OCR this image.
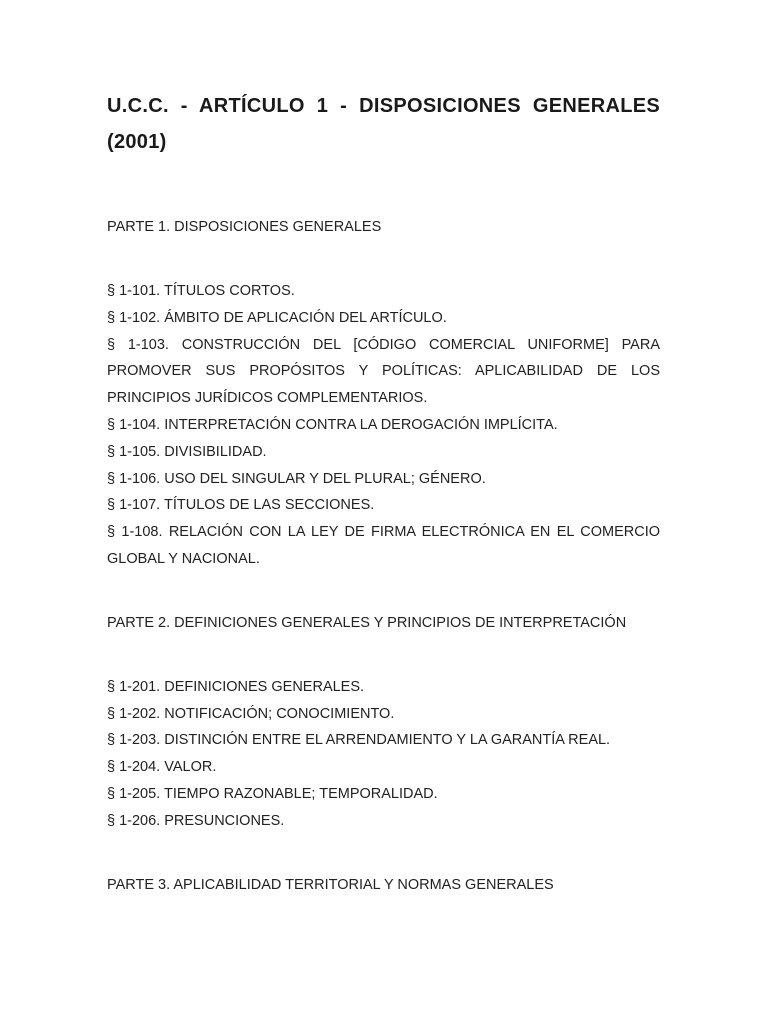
U.C.C. - ARTÍCULO 1 - DISPOSICIONES GENERALES (2001)

PARTE 1. DISPOSICIONES GENERALES

§ 1-101. TÍTULOS CORTOS.
§ 1-102. ÁMBITO DE APLICACIÓN DEL ARTÍCULO.
§ 1-103. CONSTRUCCIÓN DEL [CÓDIGO COMERCIAL UNIFORME] PARA PROMOVER SUS PROPÓSITOS Y POLÍTICAS: APLICABILIDAD DE LOS PRINCIPIOS JURÍDICOS COMPLEMENTARIOS.
§ 1-104. INTERPRETACIÓN CONTRA LA DEROGACIÓN IMPLÍCITA.
§ 1-105. DIVISIBILIDAD.
§ 1-106. USO DEL SINGULAR Y DEL PLURAL; GÉNERO.
§ 1-107. TÍTULOS DE LAS SECCIONES.
§ 1-108. RELACIÓN CON LA LEY DE FIRMA ELECTRÓNICA EN EL COMERCIO GLOBAL Y NACIONAL.

PARTE 2. DEFINICIONES GENERALES Y PRINCIPIOS DE INTERPRETACIÓN

§ 1-201. DEFINICIONES GENERALES.
§ 1-202. NOTIFICACIÓN; CONOCIMIENTO.
§ 1-203. DISTINCIÓN ENTRE EL ARRENDAMIENTO Y LA GARANTÍA REAL.
§ 1-204. VALOR.
§ 1-205. TIEMPO RAZONABLE; TEMPORALIDAD.
§ 1-206. PRESUNCIONES.

PARTE 3. APLICABILIDAD TERRITORIAL Y NORMAS GENERALES
